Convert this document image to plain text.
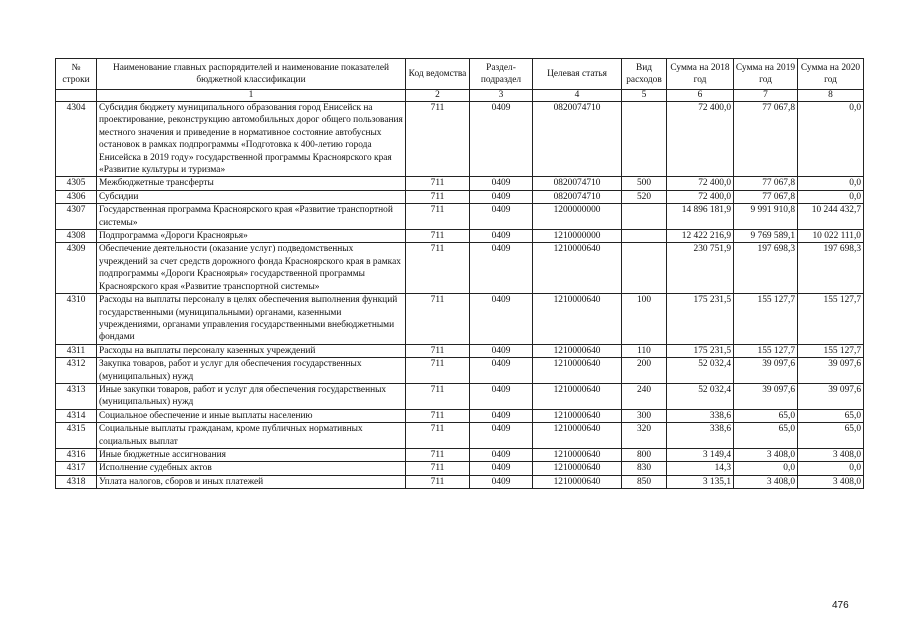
№ строки	Наименование главных распорядителей и наименование показателей бюджетной классификации	Код ведомства	Раздел-подраздел	Целевая статья	Вид расходов	Сумма на 2018 год	Сумма на 2019 год	Сумма на 2020 год
	1	2	3	4	5	6	7	8
4304	Субсидия бюджету муниципального образования город Енисейск на проектирование, реконструкцию автомобильных дорог общего пользования местного значения и приведение в нормативное состояние автобусных остановок в рамках подпрограммы «Подготовка к 400-летию города Енисейска в 2019 году» государственной программы Красноярского края «Развитие культуры и туризма»	711	0409	0820074710		72 400,0	77 067,8	0,0
4305	Межбюджетные трансферты	711	0409	0820074710	500	72 400,0	77 067,8	0,0
4306	Субсидии	711	0409	0820074710	520	72 400,0	77 067,8	0,0
4307	Государственная программа Красноярского края «Развитие транспортной системы»	711	0409	1200000000		14 896 181,9	9 991 910,8	10 244 432,7
4308	Подпрограмма «Дороги Красноярья»	711	0409	1210000000		12 422 216,9	9 769 589,1	10 022 111,0
4309	Обеспечение деятельности (оказание услуг) подведомственных учреждений за счет средств дорожного фонда Красноярского края в рамках подпрограммы «Дороги Красноярья» государственной программы Красноярского края «Развитие транспортной системы»	711	0409	1210000640		230 751,9	197 698,3	197 698,3
4310	Расходы на выплаты персоналу в целях обеспечения выполнения функций государственными (муниципальными) органами, казенными учреждениями, органами управления государственными внебюджетными фондами	711	0409	1210000640	100	175 231,5	155 127,7	155 127,7
4311	Расходы на выплаты персоналу казенных учреждений	711	0409	1210000640	110	175 231,5	155 127,7	155 127,7
4312	Закупка товаров, работ и услуг для обеспечения государственных (муниципальных) нужд	711	0409	1210000640	200	52 032,4	39 097,6	39 097,6
4313	Иные закупки товаров, работ и услуг для обеспечения государственных (муниципальных) нужд	711	0409	1210000640	240	52 032,4	39 097,6	39 097,6
4314	Социальное обеспечение и иные выплаты населению	711	0409	1210000640	300	338,6	65,0	65,0
4315	Социальные выплаты гражданам, кроме публичных нормативных социальных выплат	711	0409	1210000640	320	338,6	65,0	65,0
4316	Иные бюджетные ассигнования	711	0409	1210000640	800	3 149,4	3 408,0	3 408,0
4317	Исполнение судебных актов	711	0409	1210000640	830	14,3	0,0	0,0
4318	Уплата налогов, сборов и иных платежей	711	0409	1210000640	850	3 135,1	3 408,0	3 408,0
476
